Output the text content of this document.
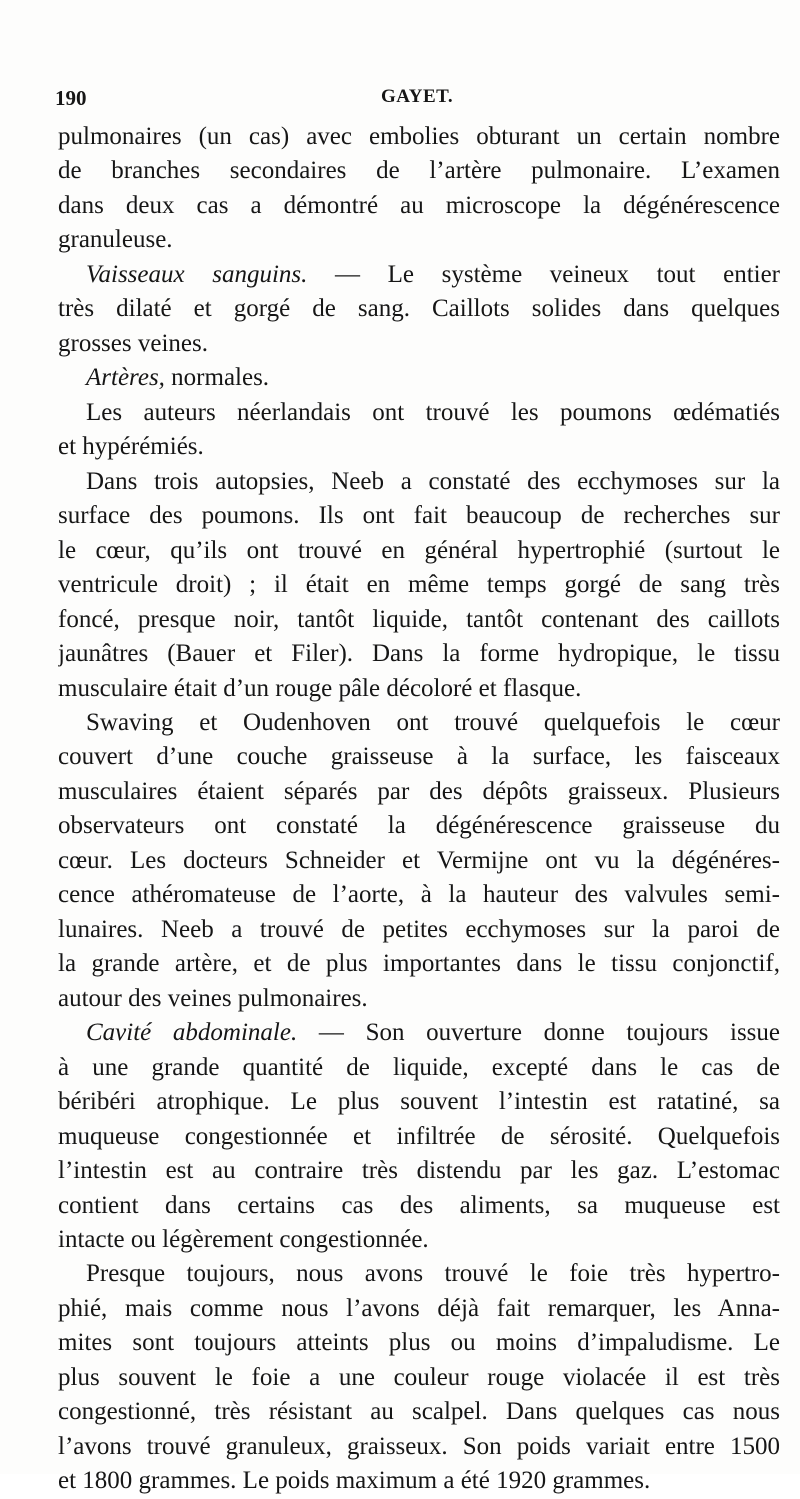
190	GAYET.
pulmonaires (un cas) avec embolies obturant un certain nombre
de branches secondaires de l’artère pulmonaire. L’examen
dans deux cas a démontré au microscope la dégénérescence
granuleuse.
Vaisseaux sanguins. — Le système veineux tout entier
très dilaté et gorgé de sang. Caillots solides dans quelques
grosses veines.
Artères, normales.
Les auteurs néerlandais ont trouvé les poumons œdématiés
et hypérémiés.
Dans trois autopsies, Neeb a constaté des ecchymoses sur la
surface des poumons. Ils ont fait beaucoup de recherches sur
le cœur, qu’ils ont trouvé en général hypertrophié (surtout le
ventricule droit) ; il était en même temps gorgé de sang très
foncé, presque noir, tantôt liquide, tantôt contenant des caillots
jaunâtres (Bauer et Filer). Dans la forme hydropique, le tissu
musculaire était d’un rouge pâle décoloré et flasque.
Swaving et Oudenhoven ont trouvé quelquefois le cœur
couvert d’une couche graisseuse à la surface, les faisceaux
musculaires étaient séparés par des dépôts graisseux. Plusieurs
observateurs ont constaté la dégénérescence graisseuse du
cœur. Les docteurs Schneider et Vermijne ont vu la dégénéres-
cence athéromateuse de l’aorte, à la hauteur des valvules semi-
lunaires. Neeb a trouvé de petites ecchymoses sur la paroi de
la grande artère, et de plus importantes dans le tissu conjonctif,
autour des veines pulmonaires.
Cavité abdominale. — Son ouverture donne toujours issue
à une grande quantité de liquide, excepté dans le cas de
béribéri atrophique. Le plus souvent l’intestin est ratatiné, sa
muqueuse congestionnée et infiltrée de sérosité. Quelquefois
l’intestin est au contraire très distendu par les gaz. L’estomac
contient dans certains cas des aliments, sa muqueuse est
intacte ou légèrement congestionnée.
Presque toujours, nous avons trouvé le foie très hypertro-
phié, mais comme nous l’avons déjà fait remarquer, les Anna-
mites sont toujours atteints plus ou moins d’impaludisme. Le
plus souvent le foie a une couleur rouge violacée il est très
congestionné, très résistant au scalpel. Dans quelques cas nous
l’avons trouvé granuleux, graisseux. Son poids variait entre 1500
et 1800 grammes. Le poids maximum a été 1920 grammes.
